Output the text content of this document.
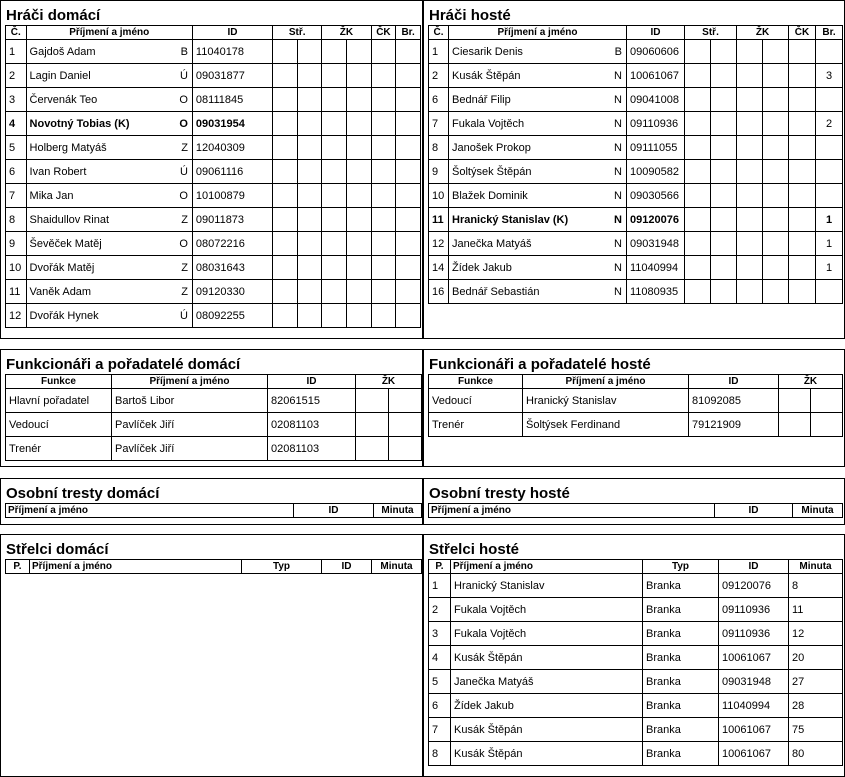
Hráči domácí
Č.	Příjmení a jméno	ID	Stř.		ŽK		ČK	Br.
1	Gajdoš Adam B	11040178						
2	Lagin Daniel Ú	09031877						
3	Červenák Teo O	08111845						
4	Novotný Tobias (K) O	09031954						
5	Holberg Matyáš Z	12040309						
6	Ivan Robert Ú	09061116						
7	Mika Jan O	10100879						
8	Shaidullov Rinat Z	09011873						
9	Ševěček Matěj O	08072216						
10	Dvořák Matěj Z	08031643						
11	Vaněk Adam Z	09120330						
12	Dvořák Hynek Ú	08092255						
Hráči hosté
Č.	Příjmení a jméno	ID	Stř.		ŽK		ČK	Br.
1	Ciesarik Denis B	09060606						
2	Kusák Štěpán N	10061067						3
6	Bednář Filip N	09041008						
7	Fukala Vojtěch N	09110936						2
8	Janošek Prokop N	09111055						
9	Šoltýsek Štěpán N	10090582						
10	Blažek Dominik N	09030566						
11	Hranický Stanislav (K) N	09120076						1
12	Janečka Matyáš N	09031948						1
14	Žídek Jakub N	11040994						1
16	Bednář Sebastián N	11080935						
Funkcionáři a pořadatelé domácí
Funkce	Příjmení a jméno	ID	ŽK	
Hlavní pořadatel	Bartoš Libor	82061515		
Vedoucí	Pavlíček Jiří	02081103		
Trenér	Pavlíček Jiří	02081103		
Funkcionáři a pořadatelé hosté
Funkce	Příjmení a jméno	ID	ŽK	
Vedoucí	Hranický Stanislav	81092085		
Trenér	Šoltýsek Ferdinand	79121909		
Osobní tresty domácí
Příjmení a jméno	ID	Minuta
Osobní tresty hosté
Příjmení a jméno	ID	Minuta
Střelci domácí
P.	Příjmení a jméno	Typ	ID	Minuta
Střelci hosté
P.	Příjmení a jméno	Typ	ID	Minuta
1	Hranický Stanislav	Branka	09120076	8
2	Fukala Vojtěch	Branka	09110936	11
3	Fukala Vojtěch	Branka	09110936	12
4	Kusák Štěpán	Branka	10061067	20
5	Janečka Matyáš	Branka	09031948	27
6	Žídek Jakub	Branka	11040994	28
7	Kusák Štěpán	Branka	10061067	75
8	Kusák Štěpán	Branka	10061067	80
